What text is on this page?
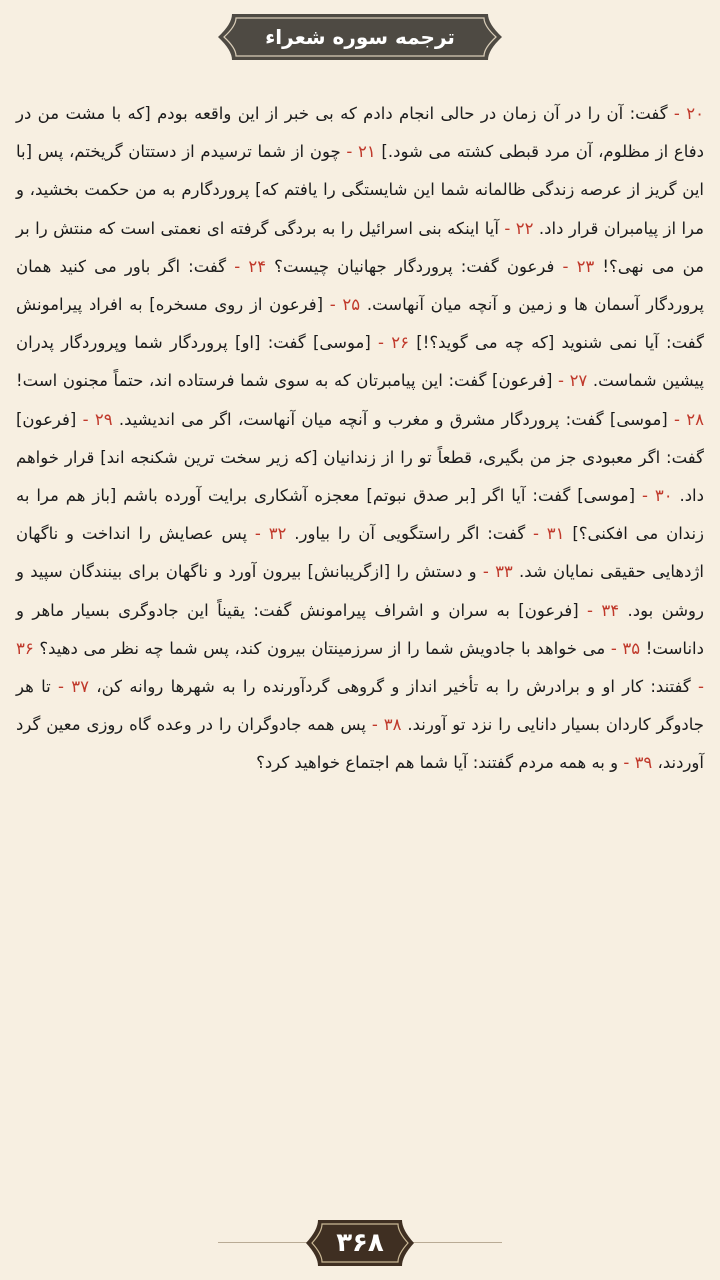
ترجمه سوره شعراء
۲۰ - گفت: آن را در آن زمان در حالی انجام دادم که بی خبر از این واقعه بودم [که با مشت من در دفاع از مظلوم، آن مرد قبطی کشته می شود.] ۲۱ - چون از شما ترسیدم از دستتان گریختم، پس [با این گریز از عرصه زندگی ظالمانه شما این شایستگی را یافتم که] پروردگارم به من حکمت بخشید، و مرا از پیامبران قرار داد. ۲۲ - آیا اینکه بنی اسرائیل را به بردگی گرفته ای نعمتی است که منتش را بر من می نهی؟! ۲۳ - فرعون گفت: پروردگار جهانیان چیست؟ ۲۴ - گفت: اگر باور می کنید همان پروردگار آسمان ها و زمین و آنچه میان آنهاست. ۲۵ - [فرعون از روی مسخره] به افراد پیرامونش گفت: آیا نمی شنوید [که چه می گوید؟!] ۲۶ - [موسی] گفت: [او] پروردگار شما وپروردگار پدران پیشین شماست. ۲۷ - [فرعون] گفت: این پیامبرتان که به سوی شما فرستاده اند، حتماً مجنون است! ۲۸ - [موسی] گفت: پروردگار مشرق و مغرب و آنچه میان آنهاست، اگر می اندیشید. ۲۹ - [فرعون] گفت: اگر معبودی جز من بگیری، قطعاً تو را از زندانیان [که زیر سخت ترین شکنجه اند] قرار خواهم داد. ۳۰ - [موسی] گفت: آیا اگر [بر صدق نبوتم] معجزه آشکاری برایت آورده باشم [باز هم مرا به زندان می افکنی؟] ۳۱ - گفت: اگر راستگویی آن را بیاور. ۳۲ - پس عصایش را انداخت و ناگهان اژدهایی حقیقی نمایان شد. ۳۳ - و دستش را [ازگریبانش] بیرون آورد و ناگهان برای بینندگان سپید و روشن بود. ۳۴ - [فرعون] به سران و اشراف پیرامونش گفت: یقیناً این جادوگری بسیار ماهر و داناست! ۳۵ - می خواهد با جادویش شما را از سرزمینتان بیرون کند، پس شما چه نظر می دهید؟ ۳۶ - گفتند: کار او و برادرش را به تأخیر انداز و گروهی گردآورنده را به شهرها روانه کن، ۳۷ - تا هر جادوگر کاردان بسیار دانایی را نزد تو آورند. ۳۸ - پس همه جادوگران را در وعده گاه روزی معین گرد آوردند، ۳۹ - و به همه مردم گفتند: آیا شما هم اجتماع خواهید کرد؟
۳۶۸
